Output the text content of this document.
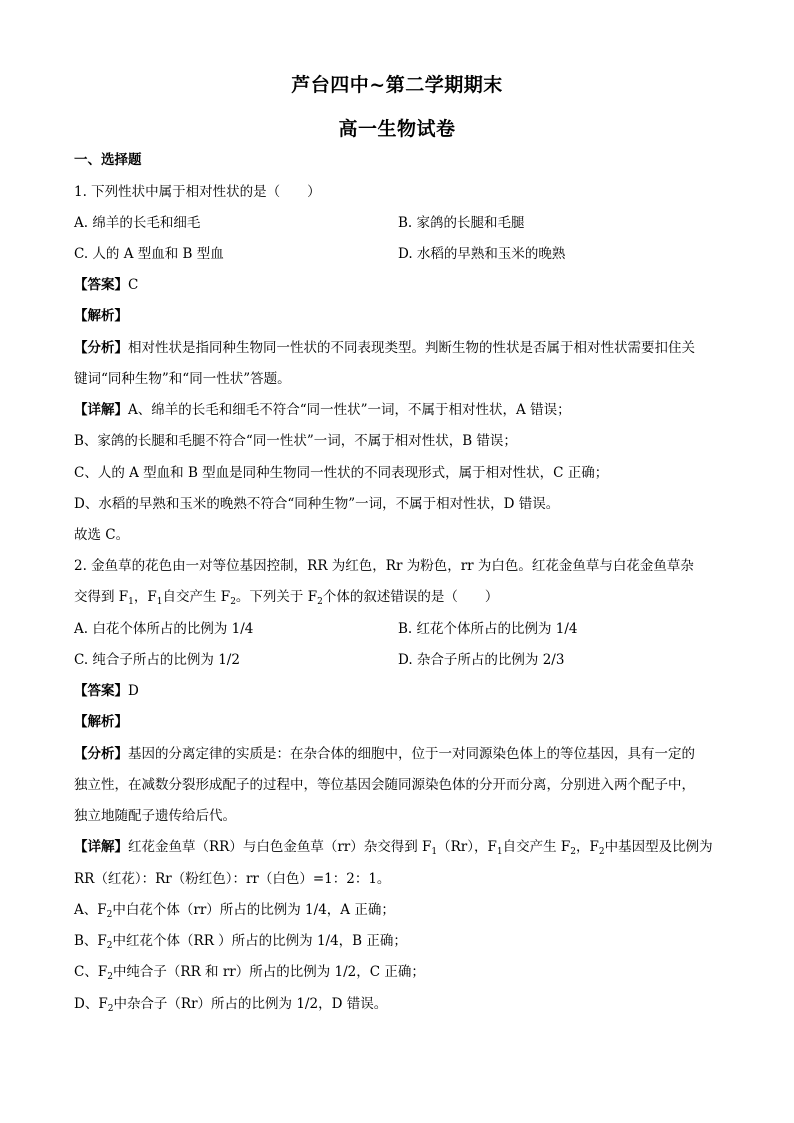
芦台四中~第二学期期末
高一生物试卷
一、选择题
1. 下列性状中属于相对性状的是（　　）
A. 绵羊的长毛和细毛	B. 家鸽的长腿和毛腿
C. 人的 A 型血和 B 型血	D. 水稻的早熟和玉米的晚熟
【答案】C
【解析】
【分析】相对性状是指同种生物同一性状的不同表现类型。判断生物的性状是否属于相对性状需要扣住关
键词“同种生物”和“同一性状”答题。
【详解】A、绵羊的长毛和细毛不符合“同一性状”一词，不属于相对性状，A 错误；
B、家鸽的长腿和毛腿不符合“同一性状”一词，不属于相对性状，B 错误；
C、人的 A 型血和 B 型血是同种生物同一性状的不同表现形式，属于相对性状，C 正确；
D、水稻的早熟和玉米的晚熟不符合“同种生物”一词，不属于相对性状，D 错误。
故选 C。
2. 金鱼草的花色由一对等位基因控制，RR 为红色，Rr 为粉色，rr 为白色。红花金鱼草与白花金鱼草杂
交得到 $F_1$，$F_1$自交产生 $F_2$。下列关于 $F_2$个体的叙述错误的是（　　）
A. 白花个体所占的比例为 1/4	B. 红花个体所占的比例为 1/4
C. 纯合子所占的比例为 1/2	D. 杂合子所占的比例为 2/3
【答案】D
【解析】
【分析】基因的分离定律的实质是：在杂合体的细胞中，位于一对同源染色体上的等位基因，具有一定的
独立性，在减数分裂形成配子的过程中，等位基因会随同源染色体的分开而分离，分别进入两个配子中，
独立地随配子遗传给后代。
【详解】红花金鱼草（RR）与白色金鱼草（rr）杂交得到 $F_1(Rr)$，$F_1$自交产生 $F_2$，$F_2$中基因型及比例为
RR（红花）：Rr（粉红色）：rr（白色）=1：2：1。
A、$F_2$中白花个体（rr）所占的比例为 1/4，A 正确；
B、$F_2$中红花个体（RR ）所占的比例为 1/4，B 正确；
C、$F_2$中纯合子（RR 和 rr）所占的比例为 1/2，C 正确；
D、$F_2$中杂合子（Rr）所占的比例为 1/2，D 错误。
